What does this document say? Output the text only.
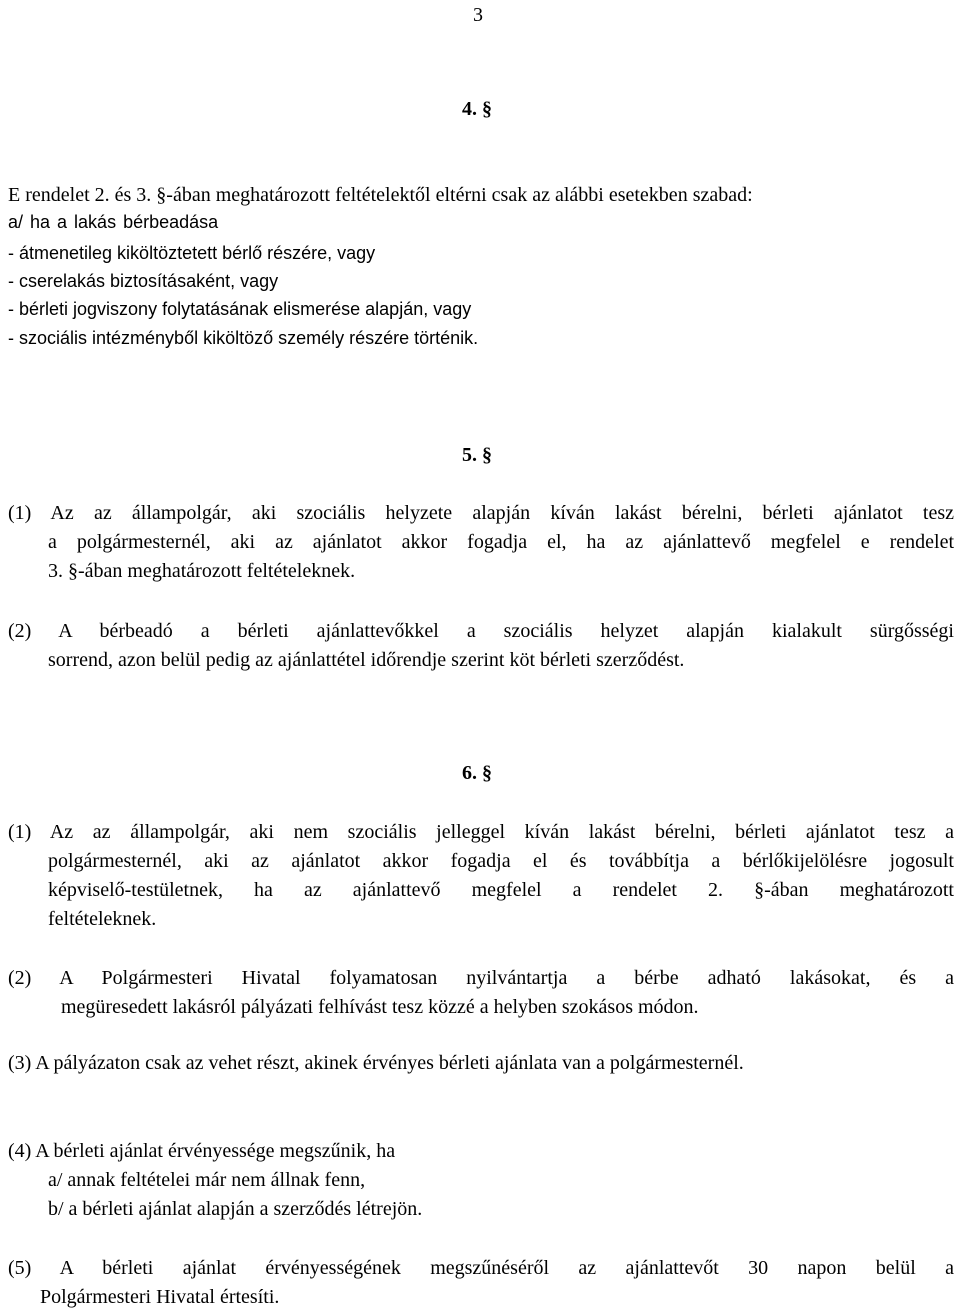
3
4. §
E rendelet 2. és 3. §-ában meghatározott feltételektől eltérni csak az alábbi esetekben szabad:
a/ ha a lakás bérbeadása
- átmenetileg kiköltöztetett bérlő részére, vagy
- cserelakás biztosításaként, vagy
- bérleti jogviszony folytatásának elismerése alapján, vagy
- szociális intézményből kiköltöző személy részére történik.
5. §
(1) Az az állampolgár, aki szociális helyzete alapján kíván lakást bérelni, bérleti ajánlatot tesz
a polgármesternél, aki az ajánlatot akkor fogadja el, ha az ajánlattevő megfelel e rendelet
3. §-ában meghatározott feltételeknek.
(2) A bérbeadó a bérleti ajánlattevőkkel a szociális helyzet alapján kialakult sürgősségi
sorrend, azon belül pedig az ajánlattétel időrendje szerint köt bérleti szerződést.
6. §
(1) Az az állampolgár, aki nem szociális jelleggel kíván lakást bérelni, bérleti ajánlatot tesz a
polgármesternél, aki az ajánlatot akkor fogadja el és továbbítja a bérlőkijelölésre jogosult
képviselő-testületnek, ha az ajánlattevő megfelel a rendelet 2. §-ában meghatározott
feltételeknek.
(2) A Polgármesteri Hivatal folyamatosan nyilvántartja a bérbe adható lakásokat, és a
megüresedett lakásról pályázati felhívást tesz közzé a helyben szokásos módon.
(3) A pályázaton csak az vehet részt, akinek érvényes bérleti ajánlata van a polgármesternél.
(4) A bérleti ajánlat érvényessége megszűnik, ha
a/ annak feltételei már nem állnak fenn,
b/ a bérleti ajánlat alapján a szerződés létrejön.
(5) A bérleti ajánlat érvényességének megszűnéséről az ajánlattevőt 30 napon belül a
Polgármesteri Hivatal értesíti.
